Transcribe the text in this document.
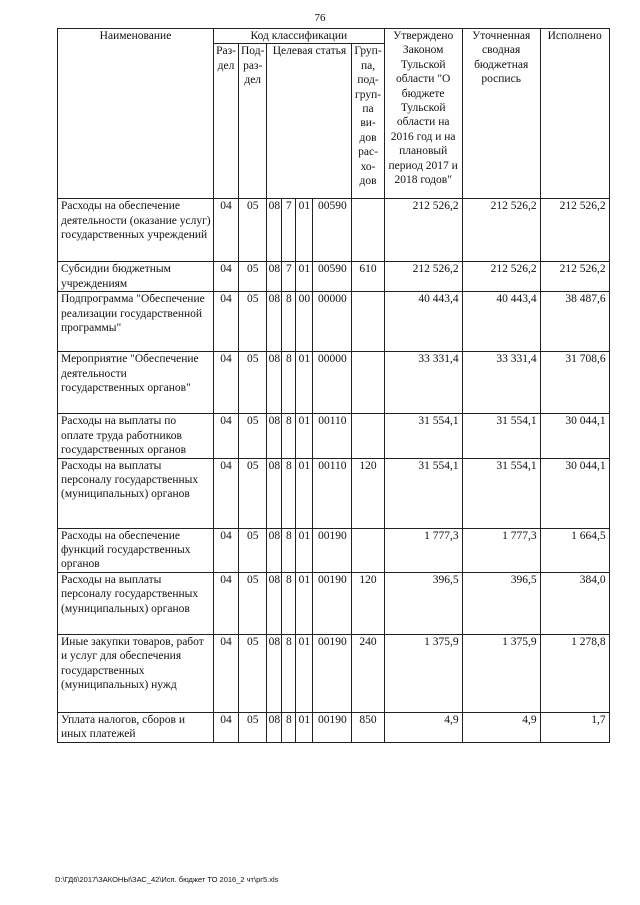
76
Наименование	Код классификации							Утверждено Законом Тульской области "О бюджете Тульской области на 2016 год и на плановый период 2017 и 2018 годов"	Уточненная сводная бюджетная роспись	Исполнено
	Раз-дел	Под-раз-дел	Целевая статья				Груп-па, под-груп-па ви-дов рас-хо-дов			
Расходы на обеспечение деятельности (оказание услуг) государственных учреждений	04	05	08	7	01	00590		212 526,2	212 526,2	212 526,2
Субсидии бюджетным учреждениям	04	05	08	7	01	00590	610	212 526,2	212 526,2	212 526,2
Подпрограмма "Обеспечение реализации государственной программы"	04	05	08	8	00	00000		40 443,4	40 443,4	38 487,6
Мероприятие "Обеспечение деятельности государственных органов"	04	05	08	8	01	00000		33 331,4	33 331,4	31 708,6
Расходы на выплаты по оплате труда работников государственных органов	04	05	08	8	01	00110		31 554,1	31 554,1	30 044,1
Расходы на выплаты персоналу государственных (муниципальных) органов	04	05	08	8	01	00110	120	31 554,1	31 554,1	30 044,1
Расходы на обеспечение функций государственных органов	04	05	08	8	01	00190		1 777,3	1 777,3	1 664,5
Расходы на выплаты персоналу государственных (муниципальных) органов	04	05	08	8	01	00190	120	396,5	396,5	384,0
Иные закупки товаров, работ и услуг для обеспечения государственных (муниципальных) нужд	04	05	08	8	01	00190	240	1 375,9	1 375,9	1 278,8
Уплата налогов, сборов и иных платежей	04	05	08	8	01	00190	850	4,9	4,9	1,7
D:\ГД6\2017\ЗАКОНЫ\ЗАС_42\Исп. бюджет ТО 2016_2 чт\рг5.xls
